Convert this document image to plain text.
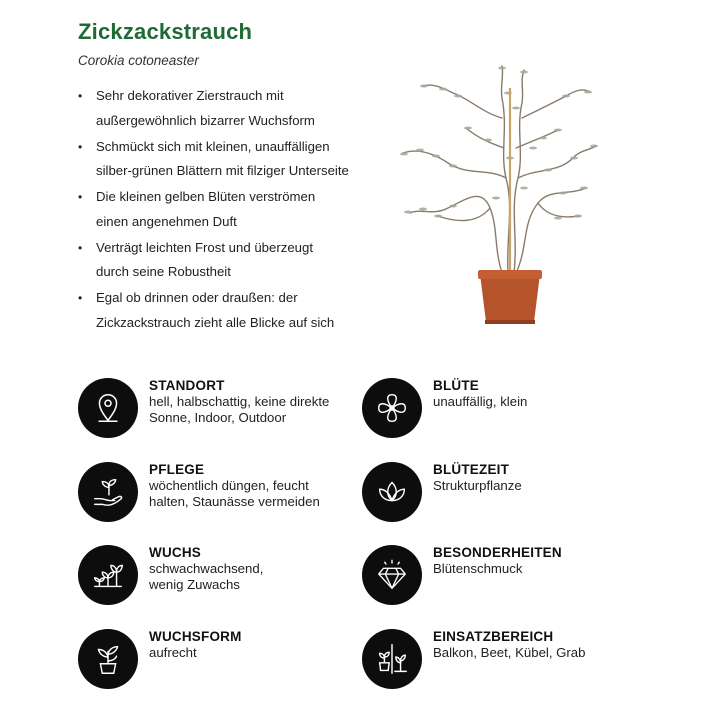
Zickzackstrauch
Corokia cotoneaster
• Sehr dekorativer Zierstrauch mit
außergewöhnlich bizarrer Wuchsform
• Schmückt sich mit kleinen, unauffälligen
silber-grünen Blättern mit filziger Unterseite
• Die kleinen gelben Blüten verströmen
einen angenehmen Duft
• Verträgt leichten Frost und überzeugt
durch seine Robustheit
• Egal ob drinnen oder draußen: der
Zickzackstrauch zieht alle Blicke auf sich
STANDORT
hell, halbschattig, keine direkte
Sonne, Indoor, Outdoor
BLÜTE
unauffällig, klein
PFLEGE
wöchentlich düngen, feucht
halten, Staunässe vermeiden
BLÜTEZEIT
Strukturpflanze
WUCHS
schwachwachsend,
wenig Zuwachs
BESONDERHEITEN
Blütenschmuck
WUCHSFORM
aufrecht
EINSATZBEREICH
Balkon, Beet, Kübel, Grab
